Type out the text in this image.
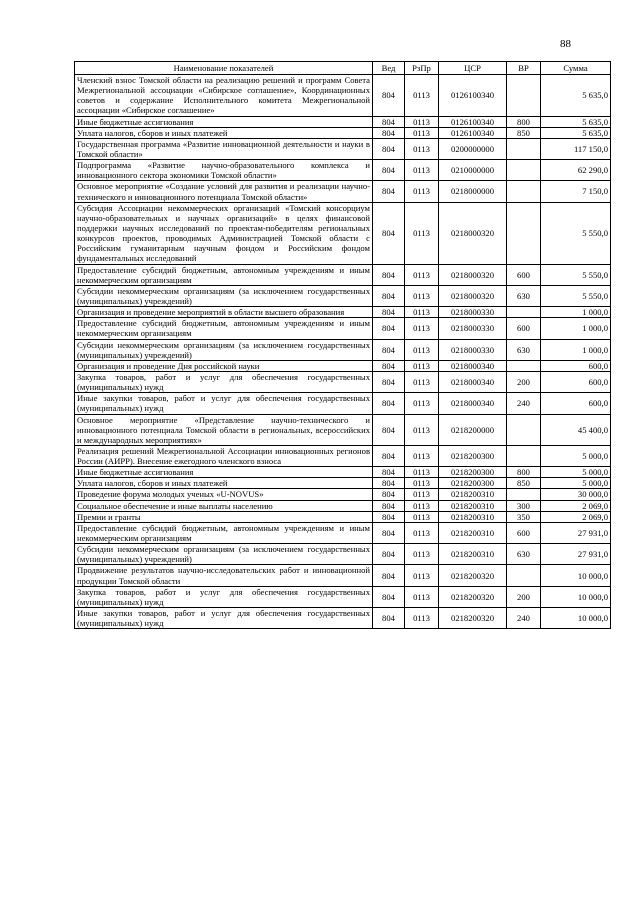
88
Наименование показателей	Вед	РзПр	ЦСР	ВР	Сумма
Членский взнос Томской области на реализацию решений и программ Совета Межрегиональной ассоциации «Сибирское соглашение», Координационных советов и содержание Исполнительного комитета Межрегиональной ассоциации «Сибирское соглашение»	804	0113	0126100340		5 635,0
Иные бюджетные ассигнования	804	0113	0126100340	800	5 635,0
Уплата налогов, сборов и иных платежей	804	0113	0126100340	850	5 635,0
Государственная программа «Развитие инновационной деятельности и науки в Томской области»	804	0113	0200000000		117 150,0
Подпрограмма «Развитие научно-образовательного комплекса и инновационного сектора экономики Томской области»	804	0113	0210000000		62 290,0
Основное мероприятие «Создание условий для развития и реализации научно-технического и инновационного потенциала Томской области»	804	0113	0218000000		7 150,0
Субсидия Ассоциации некоммерческих организаций «Томский консорциум научно-образовательных и научных организаций» в целях финансовой поддержки научных исследований по проектам-победителям региональных конкурсов проектов, проводимых Администрацией Томской области с Российским гуманитарным научным фондом и Российским фондом фундаментальных исследований	804	0113	0218000320		5 550,0
Предоставление субсидий бюджетным, автономным учреждениям и иным некоммерческим организациям	804	0113	0218000320	600	5 550,0
Субсидии некоммерческим организациям (за исключением государственных (муниципальных) учреждений)	804	0113	0218000320	630	5 550,0
Организация и проведение мероприятий в области высшего образования	804	0113	0218000330		1 000,0
Предоставление субсидий бюджетным, автономным учреждениям и иным некоммерческим организациям	804	0113	0218000330	600	1 000,0
Субсидии некоммерческим организациям (за исключением государственных (муниципальных) учреждений)	804	0113	0218000330	630	1 000,0
Организация и проведение Дня российской науки	804	0113	0218000340		600,0
Закупка товаров, работ и услуг для обеспечения государственных (муниципальных) нужд	804	0113	0218000340	200	600,0
Иные закупки товаров, работ и услуг для обеспечения государственных (муниципальных) нужд	804	0113	0218000340	240	600,0
Основное мероприятие «Представление научно-технического и инновационного потенциала Томской области в региональных, всероссийских и международных мероприятиях»	804	0113	0218200000		45 400,0
Реализация решений Межрегиональной Ассоциации инновационных регионов России (АИРР). Внесение ежегодного членского взноса	804	0113	0218200300		5 000,0
Иные бюджетные ассигнования	804	0113	0218200300	800	5 000,0
Уплата налогов, сборов и иных платежей	804	0113	0218200300	850	5 000,0
Проведение форума молодых ученых «U-NOVUS»	804	0113	0218200310		30 000,0
Социальное обеспечение и иные выплаты населению	804	0113	0218200310	300	2 069,0
Премии и гранты	804	0113	0218200310	350	2 069,0
Предоставление субсидий бюджетным, автономным учреждениям и иным некоммерческим организациям	804	0113	0218200310	600	27 931,0
Субсидии некоммерческим организациям (за исключением государственных (муниципальных) учреждений)	804	0113	0218200310	630	27 931,0
Продвижение результатов научно-исследовательских работ и инновационной продукции Томской области	804	0113	0218200320		10 000,0
Закупка товаров, работ и услуг для обеспечения государственных (муниципальных) нужд	804	0113	0218200320	200	10 000,0
Иные закупки товаров, работ и услуг для обеспечения государственных (муниципальных) нужд	804	0113	0218200320	240	10 000,0
